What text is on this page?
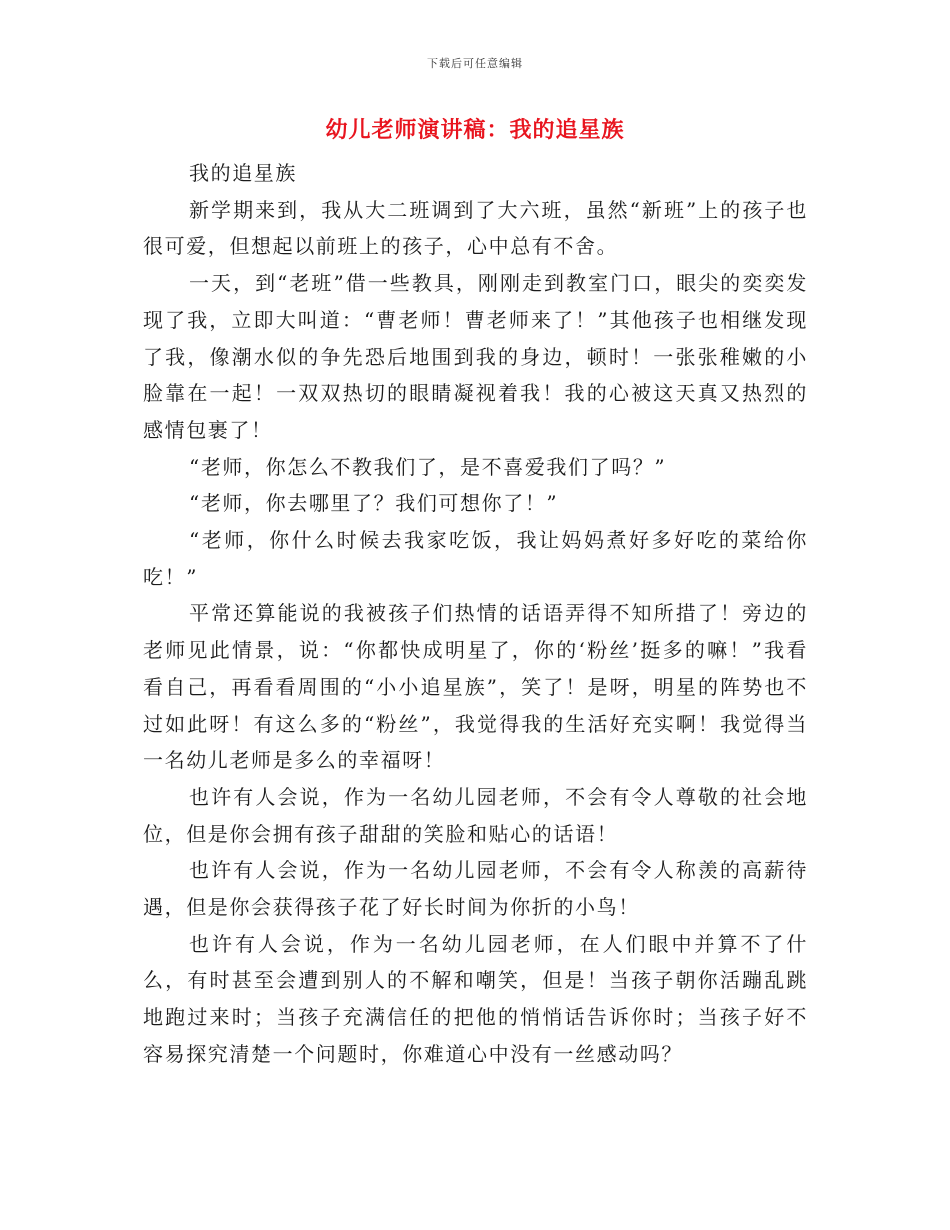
下载后可任意编辑
幼儿老师演讲稿：我的追星族

我的追星族

新学期来到，我从大二班调到了大六班，虽然“新班”上的孩子也很可爱，但想起以前班上的孩子，心中总有不舍。

一天，到“老班”借一些教具，刚刚走到教室门口，眼尖的奕奕发现了我，立即大叫道：“曹老师！曹老师来了！”其他孩子也相继发现了我，像潮水似的争先恐后地围到我的身边，顿时！一张张稚嫩的小脸靠在一起！一双双热切的眼睛凝视着我！我的心被这天真又热烈的感情包裹了！

“老师，你怎么不教我们了，是不喜爱我们了吗？”

“老师，你去哪里了？我们可想你了！”

“老师，你什么时候去我家吃饭，我让妈妈煮好多好吃的菜给你吃！”

平常还算能说的我被孩子们热情的话语弄得不知所措了！旁边的老师见此情景，说：“你都快成明星了，你的‘粉丝’挺多的嘛！”我看看自己，再看看周围的“小小追星族”，笑了！是呀，明星的阵势也不过如此呀！有这么多的“粉丝”，我觉得我的生活好充实啊！我觉得当一名幼儿老师是多么的幸福呀！

也许有人会说，作为一名幼儿园老师，不会有令人尊敬的社会地位，但是你会拥有孩子甜甜的笑脸和贴心的话语！

也许有人会说，作为一名幼儿园老师，不会有令人称羡的高薪待遇，但是你会获得孩子花了好长时间为你折的小鸟！

也许有人会说，作为一名幼儿园老师，在人们眼中并算不了什么，有时甚至会遭到别人的不解和嘲笑，但是！当孩子朝你活蹦乱跳地跑过来时；当孩子充满信任的把他的悄悄话告诉你时；当孩子好不容易探究清楚一个问题时，你难道心中没有一丝感动吗？
